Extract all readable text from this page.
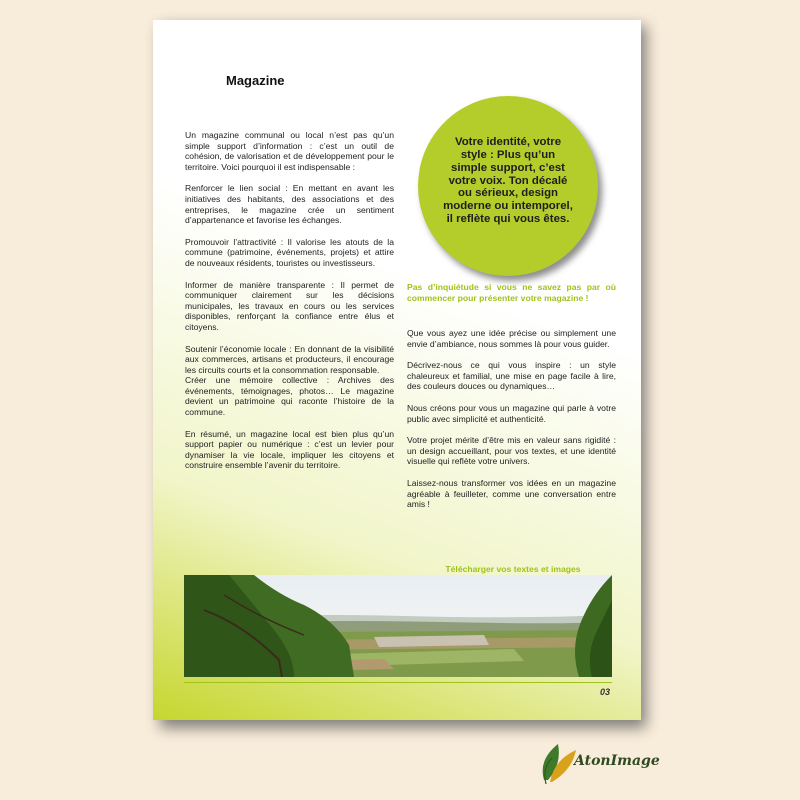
Magazine

Un magazine communal ou local n’est pas qu’un simple support d’information : c’est un outil de cohésion, de valorisation et de développement pour le territoire. Voici pourquoi il est indispensable :

Renforcer le lien social : En mettant en avant les initiatives des habitants, des associations et des entreprises, le magazine crée un sentiment d’appartenance et favorise les échanges.

Promouvoir l’attractivité : Il valorise les atouts de la commune (patrimoine, événements, projets) et attire de nouveaux résidents, touristes ou investisseurs.

Informer de manière transparente : Il permet de communiquer clairement sur les décisions municipales, les travaux en cours ou les services disponibles, renforçant la confiance entre élus et citoyens.

Soutenir l’économie locale : En donnant de la visibilité aux commerces, artisans et producteurs, il encourage les circuits courts et la consommation responsable.

Créer une mémoire collective : Archives des événements, témoignages, photos… Le magazine devient un patrimoine qui raconte l’histoire de la commune.

En résumé, un magazine local est bien plus qu’un support papier ou numérique : c’est un levier pour dynamiser la vie locale, impliquer les citoyens et construire ensemble l’avenir du territoire.

Votre identité, votre style : Plus qu’un simple support, c’est votre voix. Ton décalé ou sérieux, design moderne ou intemporel, il reflète qui vous êtes.
Pas d’inquiétude si vous ne savez pas par où commencer pour présenter votre magazine !

Que vous ayez une idée précise ou simplement une envie d’ambiance, nous sommes là pour vous guider.

Décrivez-nous ce qui vous inspire : un style chaleureux et familial, une mise en page facile à lire, des couleurs douces ou dynamiques…

Nous créons pour vous un magazine qui parle à votre public avec simplicité et authenticité.

Votre projet mérite d’être mis en valeur sans rigidité : un design accueillant, pour vos textes, et une identité visuelle qui reflète votre univers.

Laissez-nous transformer vos idées en un magazine agréable à feuilleter, comme une conversation entre amis !

Télécharger vos textes et images
03
AtonImage
